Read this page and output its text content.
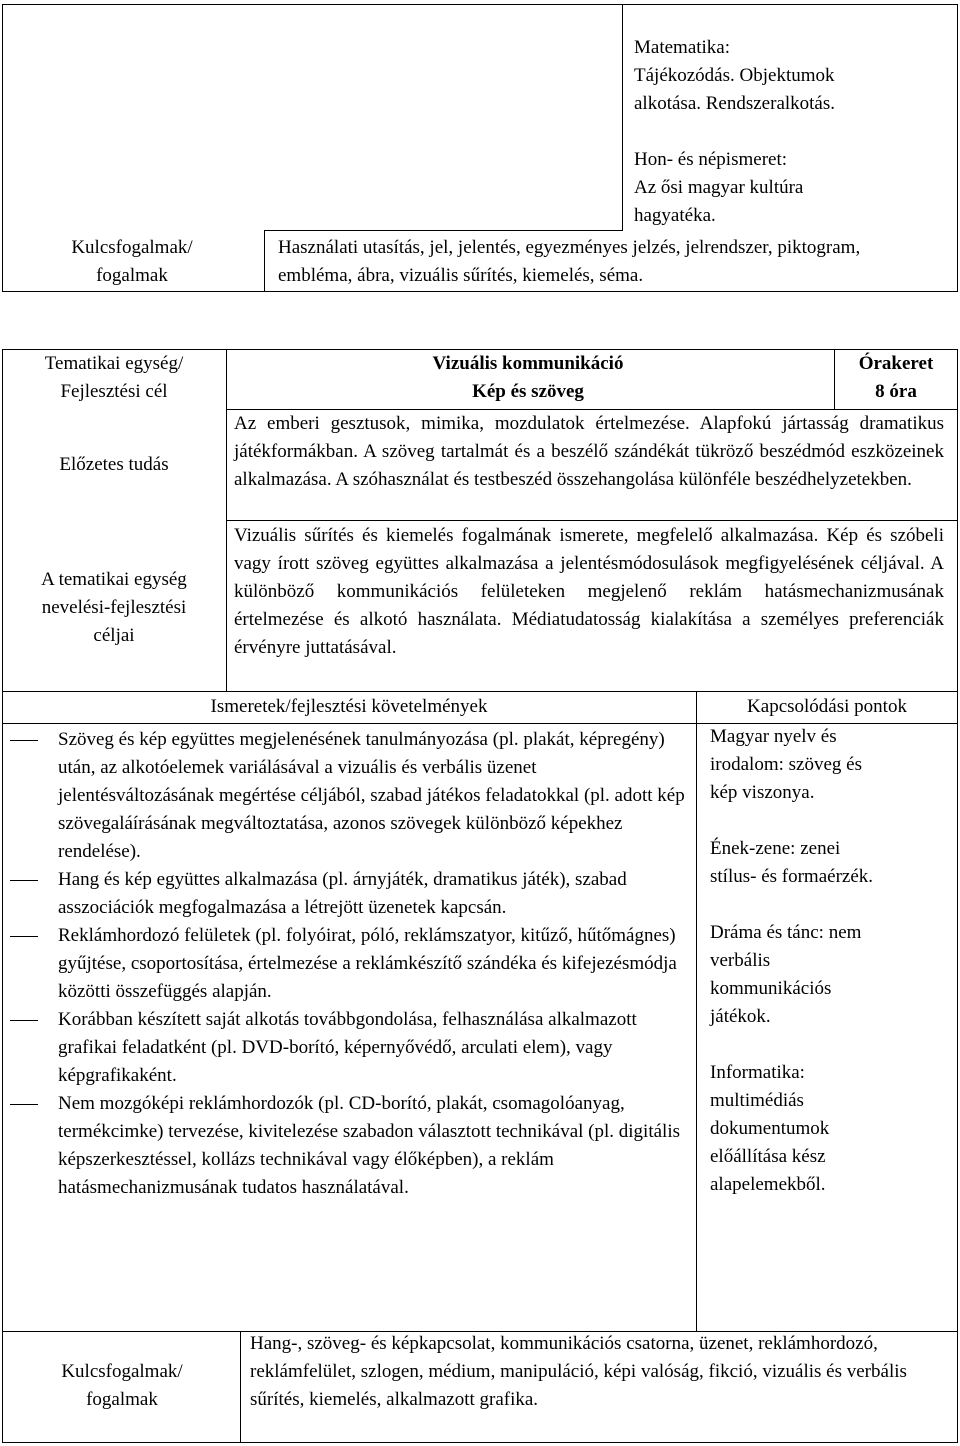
Matematika:
Tájékozódás. Objektumok alkotása. Rendszeralkotás.
Hon- és népismeret:
Az ősi magyar kultúra hagyatéka.
Kulcsfogalmak/
fogalmak
Használati utasítás, jel, jelentés, egyezményes jelzés, jelrendszer, piktogram, embléma, ábra, vizuális sűrítés, kiemelés, séma.
Tematikai egység/
Fejlesztési cél
Vizuális kommunikáció
Kép és szöveg
Órakeret
8 óra
Előzetes tudás
Az emberi gesztusok, mimika, mozdulatok értelmezése. Alapfokú jártasság dramatikus játékformákban. A szöveg tartalmát és a beszélő szándékát tükröző beszédmód eszközeinek alkalmazása. A szóhasználat és testbeszéd összehangolása különféle beszédhelyzetekben.
A tematikai egység
nevelési-fejlesztési
céljai
Vizuális sűrítés és kiemelés fogalmának ismerete, megfelelő alkalmazása. Kép és szóbeli vagy írott szöveg együttes alkalmazása a jelentésmódosulások megfigyelésének céljával. A különböző kommunikációs felületeken megjelenő reklám hatásmechanizmusának értelmezése és alkotó használata. Médiatudatosság kialakítása a személyes preferenciák érvényre juttatásával.
Ismeretek/fejlesztési követelmények	Kapcsolódási pontok
Szöveg és kép együttes megjelenésének tanulmányozása (pl. plakát, képregény) után, az alkotóelemek variálásával a vizuális és verbális üzenet jelentésváltozásának megértése céljából, szabad játékos feladatokkal (pl. adott kép szövegaláírásának megváltoztatása, azonos szövegek különböző képekhez rendelése).
Hang és kép együttes alkalmazása (pl. árnyjáték, dramatikus játék), szabad asszociációk megfogalmazása a létrejött üzenetek kapcsán.
Reklámhordozó felületek (pl. folyóirat, póló, reklámszatyor, kitűző, hűtőmágnes) gyűjtése, csoportosítása, értelmezése a reklámkészítő szándéka és kifejezésmódja közötti összefüggés alapján.
Korábban készített saját alkotás továbbgondolása, felhasználása alkalmazott grafikai feladatként (pl. DVD-borító, képernyővédő, arculati elem), vagy képgrafikaként.
Nem mozgóképi reklámhordozók (pl. CD-borító, plakát, csomagolóanyag, termékcimke) tervezése, kivitelezése szabadon választott technikával (pl. digitális képszerkesztéssel, kollázs technikával vagy élőképben), a reklám hatásmechanizmusának tudatos használatával.

Magyar nyelv és irodalom: szöveg és kép viszonya.

Ének-zene: zenei stílus- és formaérzék.

Dráma és tánc: nem verbális kommunikációs játékok.

Informatika: multimédiás dokumentumok előállítása kész alapelemekből.

Kulcsfogalmak/
fogalmak
Hang-, szöveg- és képkapcsolat, kommunikációs csatorna, üzenet, reklámhordozó, reklámfelület, szlogen, médium, manipuláció, képi valóság, fikció, vizuális és verbális sűrítés, kiemelés, alkalmazott grafika.
